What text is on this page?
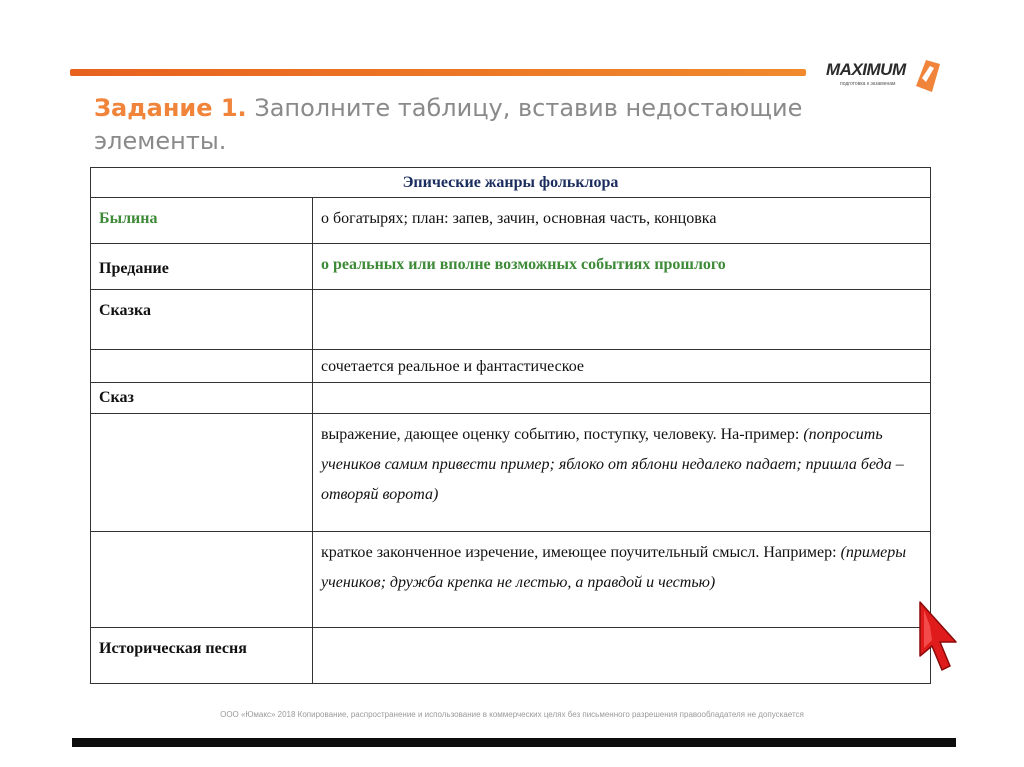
MAXIMUM
подготовка к экзаменам
Задание 1. Заполните таблицу, вставив недостающие элементы.
Эпические жанры фольклора	

Былина	о богатырях; план: запев, зачин, основная часть, концовка

Предание	о реальных или вполне возможных событиях прошлого

Сказка	

	сочетается реальное и фантастическое

Сказ	

	выражение, дающее оценку событию, поступку, человеку. На-пример: (попросить учеников самим привести пример; яблоко от яблони недалеко падает; пришла беда – отворяй ворота)

	краткое законченное изречение, имеющее поучительный смысл. Например: (примеры учеников; дружба крепка не лестью, а правдой и честью)

Историческая песня	

ООО «Юмакс» 2018 Копирование, распространение и использование в коммерческих целях без письменного разрешения правообладателя не допускается
